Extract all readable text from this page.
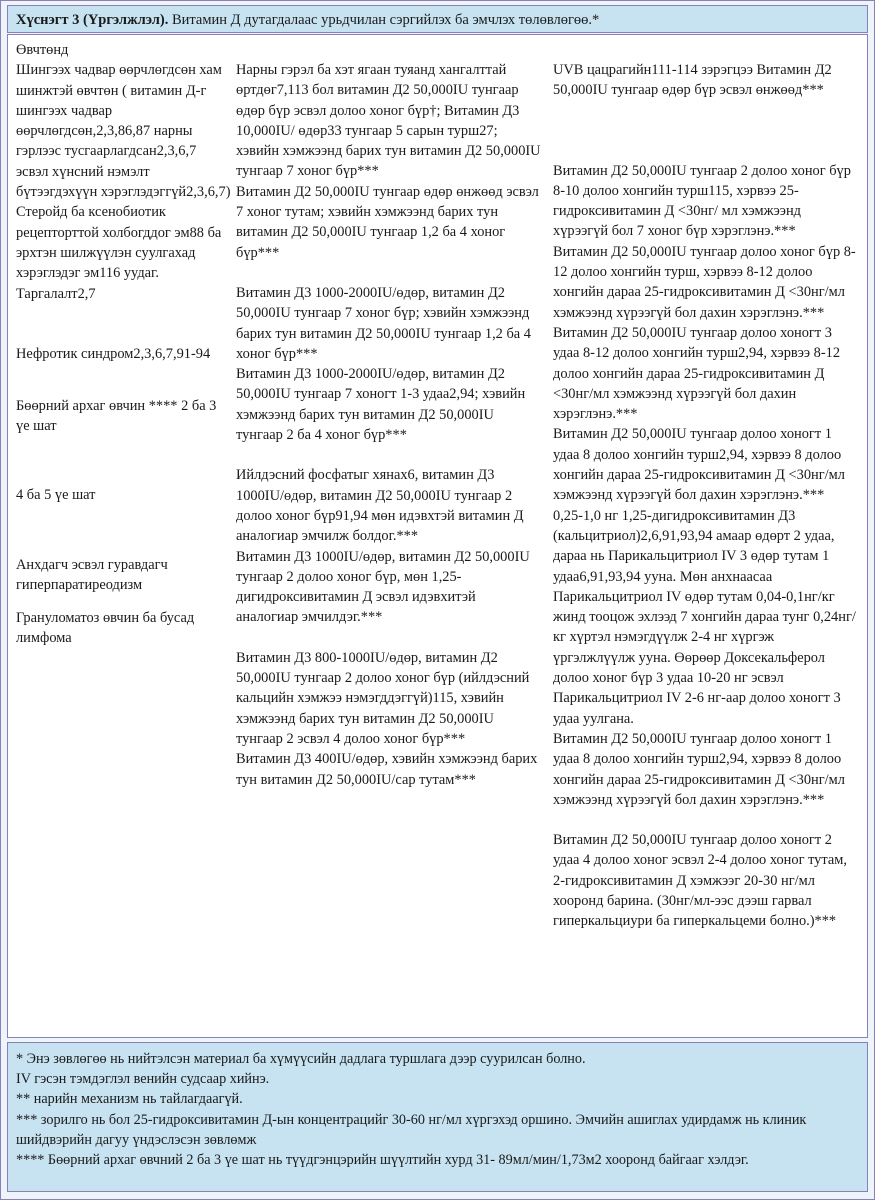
Хүснэгт 3 (Үргэлжлэл). Витамин Д дутагдалаас урьдчилан сэргийлэх ба эмчлэх төлөвлөгөө.*

Өвчтөнд

Шингээх чадвар өөрчлөгдсөн хам шинжтэй өвчтөн ( витамин Д-г шингээх чадвар өөрчлөгдсөн,2,3,86,87 нарны гэрлээс тусгаарлагдсан2,3,6,7 эсвэл хүнсний нэмэлт бүтээгдэхүүн хэрэглэдэггүй2,3,6,7)

Стеройд ба ксенобиотик рецепторттой холбогддог эм88 ба эрхтэн шилжүүлэн суулгахад хэрэглэдэг эм116 уудаг.

Таргалалт2,7

Нефротик синдром2,3,6,7,91-94

Бөөрний архаг өвчин **** 2 ба 3 үе шат

4 ба 5 үе шат

Анхдагч эсвэл гуравдагч гиперпаратиреодизм

Грануломатоз өвчин ба бусад лимфома

Нарны гэрэл ба хэт ягаан туяанд хангалттай өртдөг7,113 бол витамин Д2 50,000IU тунгаар өдөр бүр эсвэл долоо хоног бүр†; Витамин Д3 10,000IU/ өдөр33 тунгаар 5 сарын турш27; хэвийн хэмжээнд барих тун витамин Д2 50,000IU тунгаар 7 хоног бүр***

Витамин Д2 50,000IU тунгаар өдөр өнжөөд эсвэл 7 хоног тутам; хэвийн хэмжээнд барих тун витамин Д2 50,000IU тунгаар 1,2 ба 4 хоног бүр***

Витамин Д3 1000-2000IU/өдөр, витамин Д2 50,000IU тунгаар 7 хоног бүр; хэвийн хэмжээнд барих тун витамин Д2 50,000IU тунгаар 1,2 ба 4 хоног бүр***

Витамин Д3 1000-2000IU/өдөр, витамин Д2 50,000IU тунгаар 7 хоногт 1-3 удаа2,94; хэвийн хэмжээнд барих тун витамин Д2 50,000IU тунгаар 2 ба 4 хоног бүр***

Ийлдэсний фосфатыг хянах6, витамин Д3 1000IU/өдөр, витамин Д2 50,000IU тунгаар 2 долоо хоног бүр91,94 мөн идэвхтэй витамин Д аналогиар эмчилж болдог.***

Витамин Д3 1000IU/өдөр, витамин Д2 50,000IU тунгаар 2 долоо хоног бүр, мөн 1,25-дигидроксивитамин Д эсвэл идэвхитэй аналогиар эмчилдэг.***

Витамин Д3 800-1000IU/өдөр, витамин Д2 50,000IU тунгаар 2 долоо хоног бүр (ийлдэсний кальцийн хэмжээ нэмэгддэггүй)115, хэвийн хэмжээнд барих тун витамин Д2 50,000IU тунгаар 2 эсвэл 4 долоо хоног бүр***

Витамин Д3 400IU/өдөр, хэвийн хэмжээнд барих тун витамин Д2 50,000IU/сар тутам***

UVB цацрагийн111-114 зэрэгцээ Витамин Д2 50,000IU тунгаар өдөр бүр эсвэл өнжөөд***

Витамин Д2 50,000IU тунгаар 2 долоо хоног бүр 8-10 долоо хонгийн турш115, хэрвээ 25-гидроксивитамин Д <30нг/ мл хэмжээнд хүрээгүй бол 7 хоног бүр хэрэглэнэ.***

Витамин Д2 50,000IU тунгаар долоо хоног бүр 8-12 долоо хонгийн турш, хэрвээ 8-12 долоо хонгийн дараа 25-гидроксивитамин Д <30нг/мл хэмжээнд хүрээгүй бол дахин хэрэглэнэ.***

Витамин Д2 50,000IU тунгаар долоо хоногт 3 удаа 8-12 долоо хонгийн турш2,94, хэрвээ 8-12 долоо хонгийн дараа 25-гидроксивитамин Д <30нг/мл хэмжээнд хүрээгүй бол дахин хэрэглэнэ.***

Витамин Д2 50,000IU тунгаар долоо хоногт 1 удаа 8 долоо хонгийн турш2,94, хэрвээ 8 долоо хонгийн дараа 25-гидроксивитамин Д <30нг/мл хэмжээнд хүрээгүй бол дахин хэрэглэнэ.***

0,25-1,0 нг 1,25-дигидроксивитамин Д3 (кальцитриол)2,6,91,93,94 амаар өдөрт 2 удаа, дараа нь Парикальцитриол IV 3 өдөр тутам 1 удаа6,91,93,94 ууна. Мөн анхнаасаа Парикальцитриол IV өдөр тутам 0,04-0,1нг/кг жинд тооцож эхлээд 7 хонгийн дараа тунг 0,24нг/кг хүртэл нэмэгдүүлж 2-4 нг хүргэж үргэлжлүүлж ууна. Өөрөөр Доксекальферол долоо хоног бүр 3 удаа 10-20 нг эсвэл Парикальцитриол IV 2-6 нг-аар долоо хоногт 3 удаа уулгана.

Витамин Д2 50,000IU тунгаар долоо хоногт 1 удаа 8 долоо хонгийн турш2,94, хэрвээ 8 долоо хонгийн дараа 25-гидроксивитамин Д <30нг/мл хэмжээнд хүрээгүй бол дахин хэрэглэнэ.***

Витамин Д2 50,000IU тунгаар долоо хоногт 2 удаа 4 долоо хоног эсвэл 2-4 долоо хоног тутам, 2-гидроксивитамин Д хэмжээг 20-30 нг/мл хооронд барина. (30нг/мл-ээс дээш гарвал гиперкальциури ба гиперкальцеми болно.)***

* Энэ зөвлөгөө нь нийтэлсэн материал ба хүмүүсийн дадлага туршлага дээр суурилсан болно.

IV гэсэн тэмдэглэл венийн судсаар хийнэ.

** нарийн механизм нь тайлагдаагүй.

*** зорилго нь бол 25-гидроксивитамин Д-ын концентрацийг 30-60 нг/мл хүргэхэд оршино. Эмчийн ашиглах удирдамж нь клиник шийдвэрийн дагуу үндэслэсэн зөвлөмж

**** Бөөрний архаг өвчний 2 ба 3 үе шат нь түүдгэнцэрийн шүүлтийн хурд 31- 89мл/мин/1,73м2 хооронд байгааг хэлдэг.
